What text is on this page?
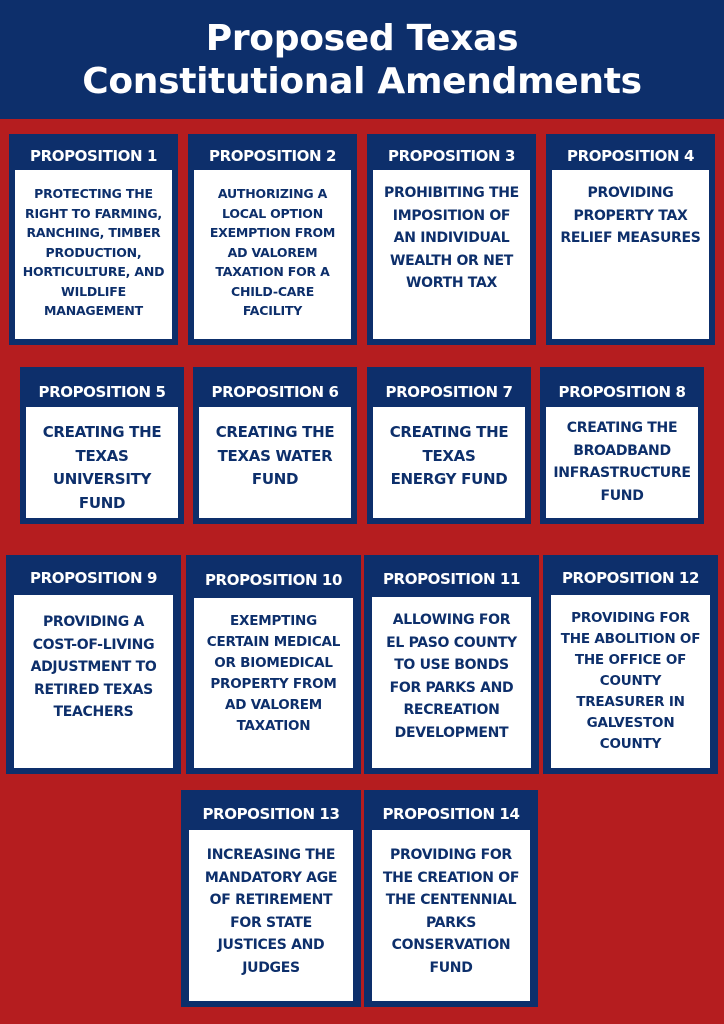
Proposed Texas
Constitutional Amendments
PROPOSITION 1
PROTECTING THE
RIGHT TO FARMING,
RANCHING, TIMBER
PRODUCTION,
HORTICULTURE, AND
WILDLIFE
MANAGEMENT
PROPOSITION 2
AUTHORIZING A
LOCAL OPTION
EXEMPTION FROM
AD VALOREM
TAXATION FOR A
CHILD-CARE
FACILITY
PROPOSITION 3
PROHIBITING THE
IMPOSITION OF
AN INDIVIDUAL
WEALTH OR NET
WORTH TAX
PROPOSITION 4
PROVIDING
PROPERTY TAX
RELIEF MEASURES
PROPOSITION 5
CREATING THE
TEXAS
UNIVERSITY
FUND
PROPOSITION 6
CREATING THE
TEXAS WATER
FUND
PROPOSITION 7
CREATING THE
TEXAS
ENERGY FUND
PROPOSITION 8
CREATING THE
BROADBAND
INFRASTRUCTURE
FUND
PROPOSITION 9
PROVIDING A
COST-OF-LIVING
ADJUSTMENT TO
RETIRED TEXAS
TEACHERS
PROPOSITION 10
EXEMPTING
CERTAIN MEDICAL
OR BIOMEDICAL
PROPERTY FROM
AD VALOREM
TAXATION
PROPOSITION 11
ALLOWING FOR
EL PASO COUNTY
TO USE BONDS
FOR PARKS AND
RECREATION
DEVELOPMENT
PROPOSITION 12
PROVIDING FOR
THE ABOLITION OF
THE OFFICE OF
COUNTY
TREASURER IN
GALVESTON
COUNTY
PROPOSITION 13
INCREASING THE
MANDATORY AGE
OF RETIREMENT
FOR STATE
JUSTICES AND
JUDGES
PROPOSITION 14
PROVIDING FOR
THE CREATION OF
THE CENTENNIAL
PARKS
CONSERVATION
FUND
